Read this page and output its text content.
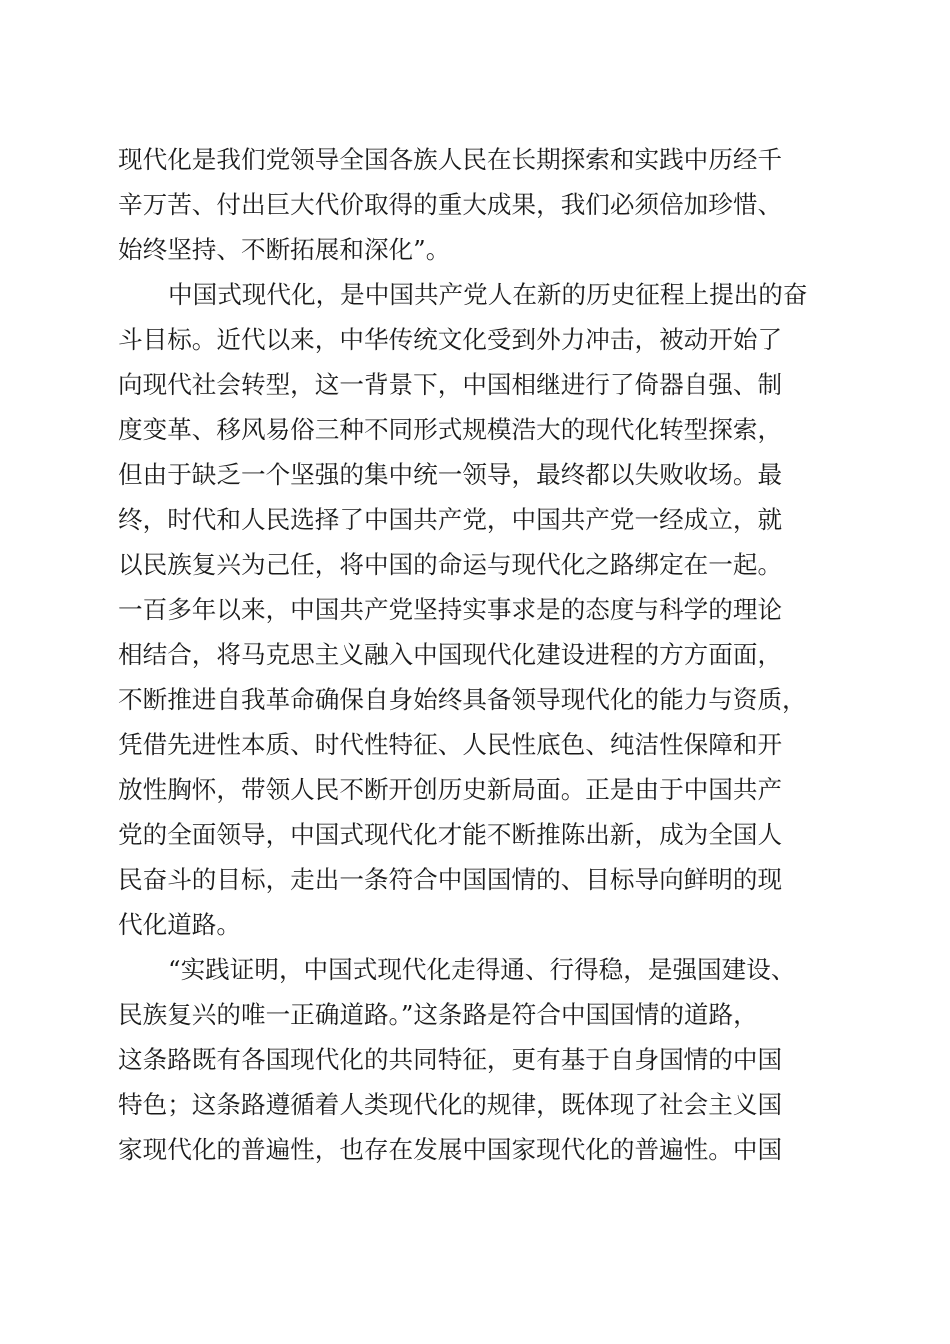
现代化是我们党领导全国各族人民在长期探索和实践中历经千
辛万苦、付出巨大代价取得的重大成果，我们必须倍加珍惜、
始终坚持、不断拓展和深化”。
中国式现代化，是中国共产党人在新的历史征程上提出的奋
斗目标。近代以来，中华传统文化受到外力冲击，被动开始了
向现代社会转型，这一背景下，中国相继进行了倚器自强、制
度变革、移风易俗三种不同形式规模浩大的现代化转型探索，
但由于缺乏一个坚强的集中统一领导，最终都以失败收场。最
终，时代和人民选择了中国共产党，中国共产党一经成立，就
以民族复兴为己任，将中国的命运与现代化之路绑定在一起。
一百多年以来，中国共产党坚持实事求是的态度与科学的理论
相结合，将马克思主义融入中国现代化建设进程的方方面面，
不断推进自我革命确保自身始终具备领导现代化的能力与资质，
凭借先进性本质、时代性特征、人民性底色、纯洁性保障和开
放性胸怀，带领人民不断开创历史新局面。正是由于中国共产
党的全面领导，中国式现代化才能不断推陈出新，成为全国人
民奋斗的目标，走出一条符合中国国情的、目标导向鲜明的现
代化道路。
“实践证明，中国式现代化走得通、行得稳，是强国建设、
民族复兴的唯一正确道路。”这条路是符合中国国情的道路，
这条路既有各国现代化的共同特征，更有基于自身国情的中国
特色；这条路遵循着人类现代化的规律，既体现了社会主义国
家现代化的普遍性，也存在发展中国家现代化的普遍性。中国
